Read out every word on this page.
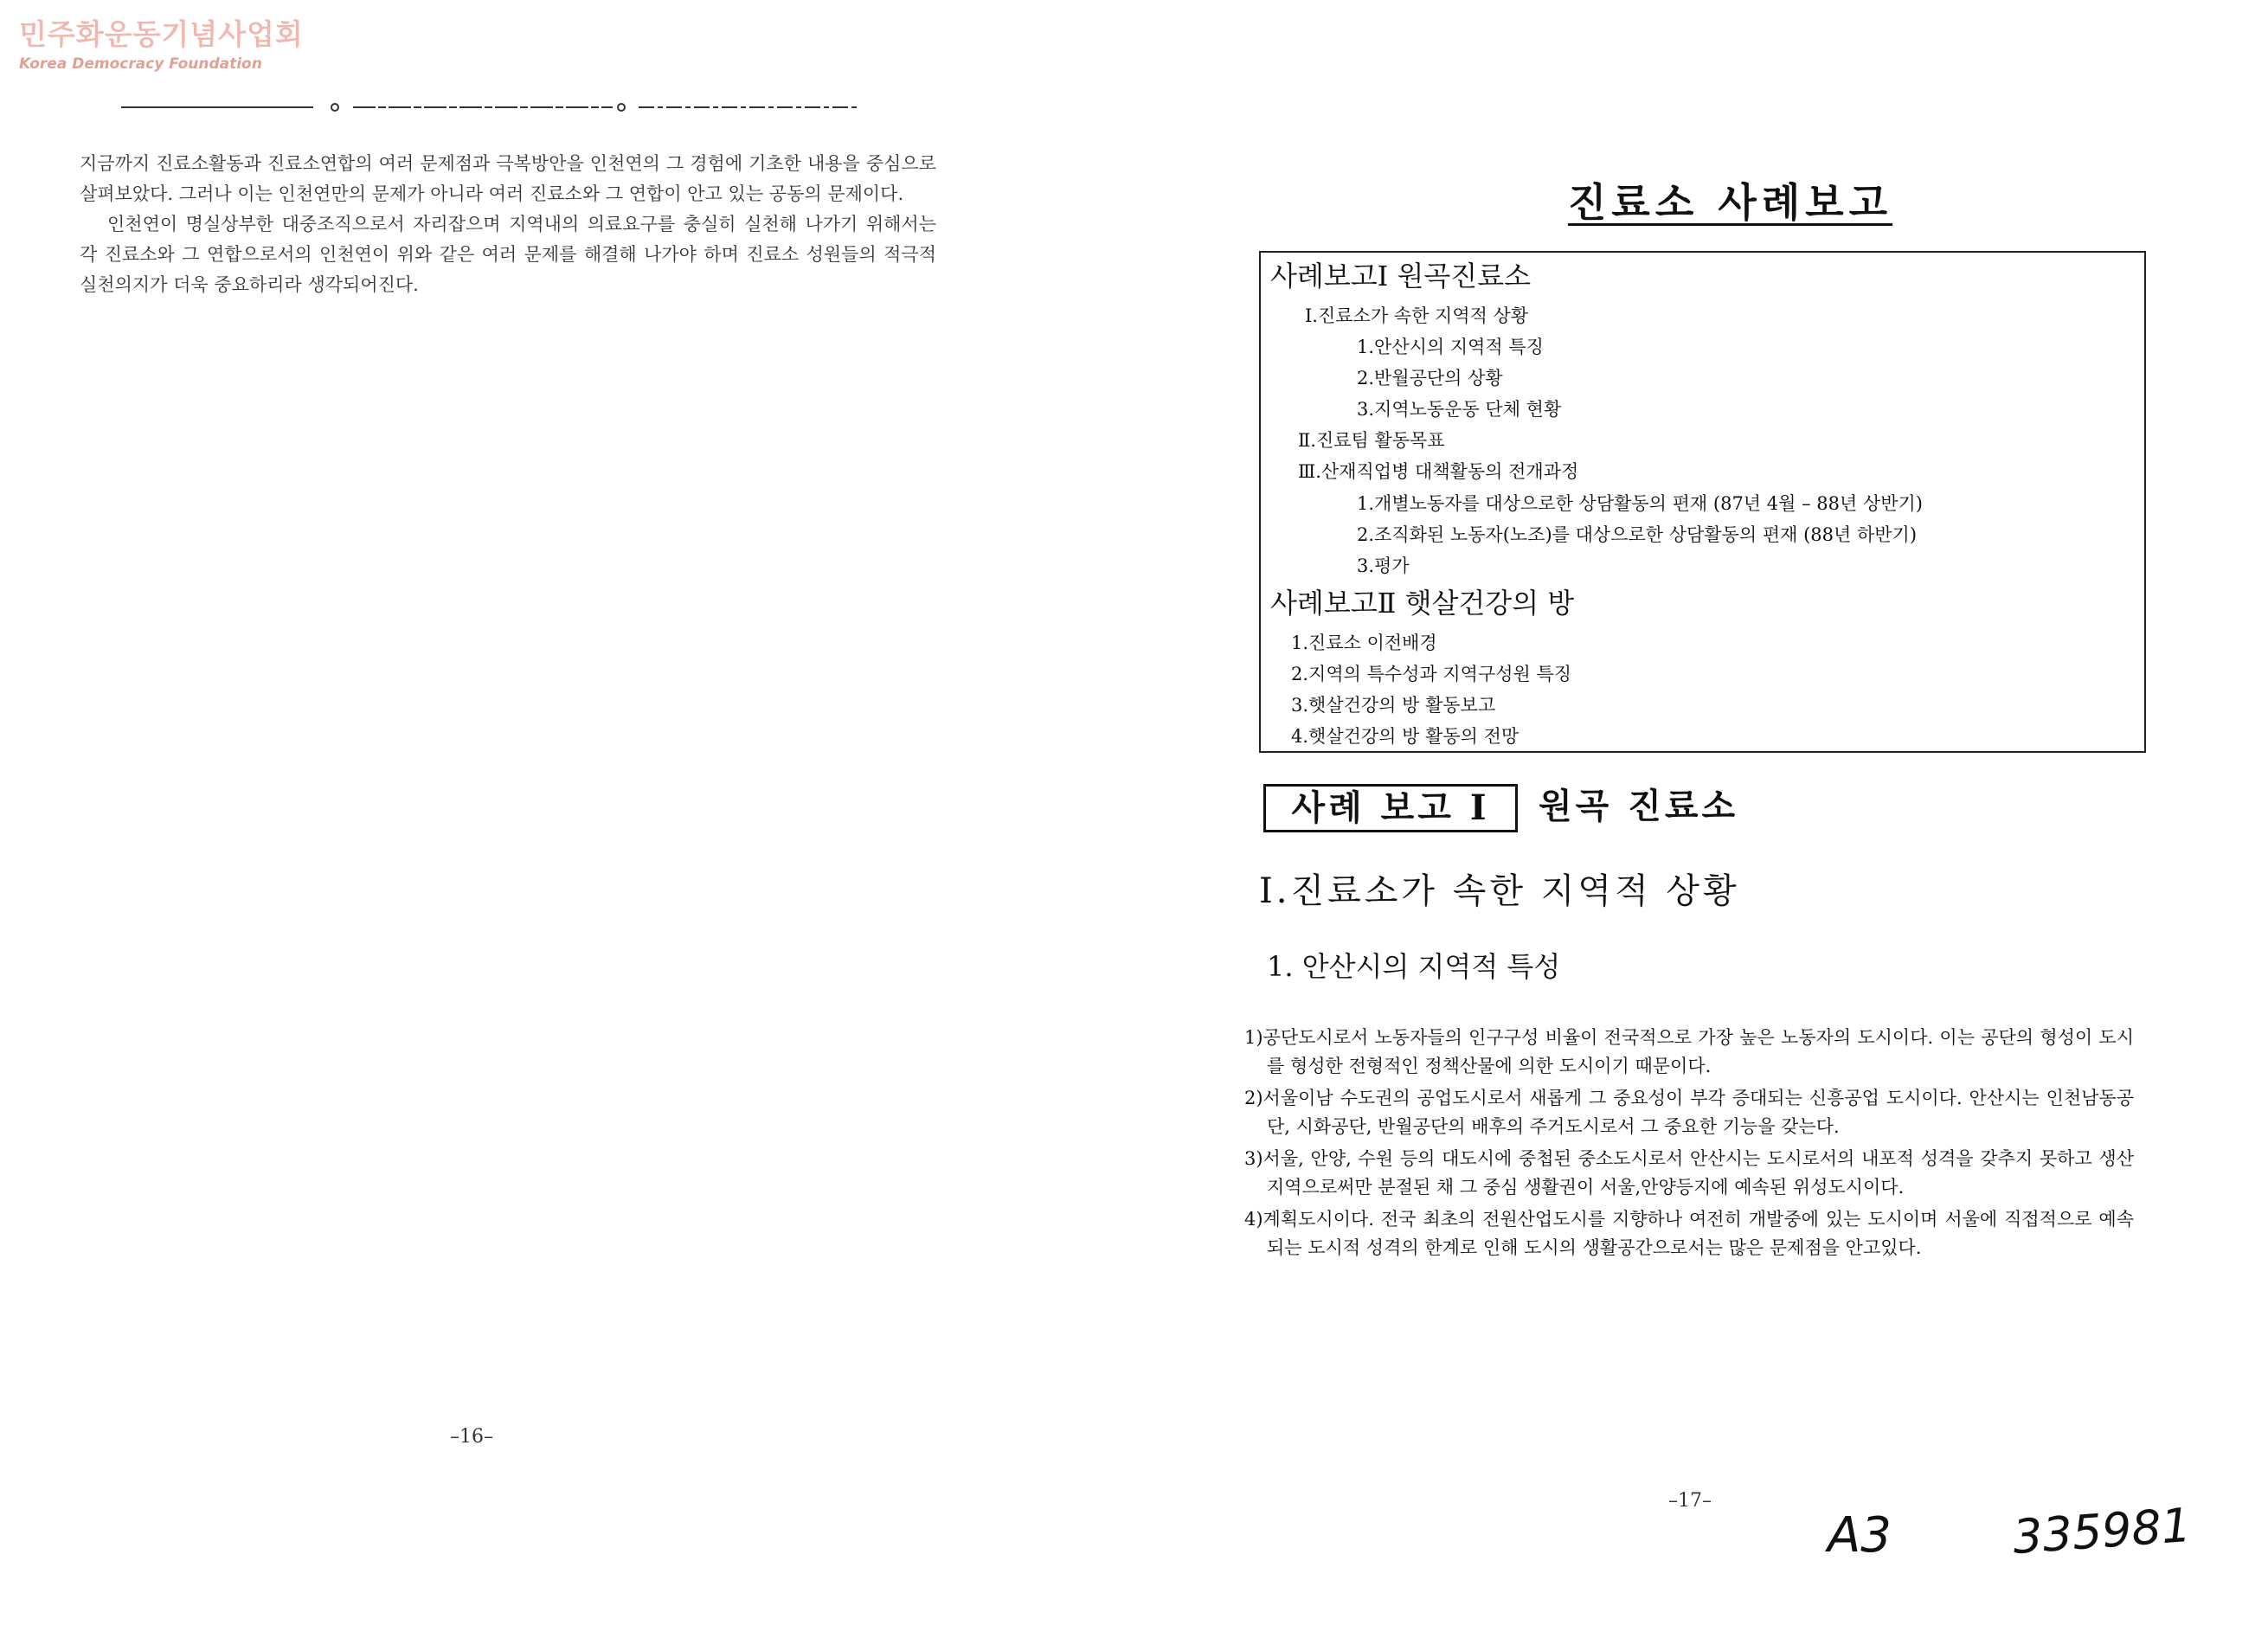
민주화운동기념사업회
Korea Democracy Foundation

지금까지 진료소활동과 진료소연합의 여러 문제점과 극복방안을 인천연의 그 경험에 기초한 내용을 중심으로 살펴보았다. 그러나 이는 인천연만의 문제가 아니라 여러 진료소와 그 연합이 안고 있는 공동의 문제이다.

인천연이 명실상부한 대중조직으로서 자리잡으며 지역내의 의료요구를 충실히 실천해 나가기 위해서는 각 진료소와 그 연합으로서의 인천연이 위와 같은 여러 문제를 해결해 나가야 하며 진료소 성원들의 적극적 실천의지가 더욱 중요하리라 생각되어진다.

–16–
진료소 사례보고
사례보고Ⅰ 원곡진료소
Ⅰ.진료소가 속한 지역적 상황
1.안산시의 지역적 특징
2.반월공단의 상황
3.지역노동운동 단체 현황
Ⅱ.진료팀 활동목표
Ⅲ.산재직업병 대책활동의 전개과정
1.개별노동자를 대상으로한 상담활동의 편재 (87년 4월 – 88년 상반기)
2.조직화된 노동자(노조)를 대상으로한 상담활동의 편재 (88년 하반기)
3.평가
사례보고Ⅱ 햇살건강의 방
1.진료소 이전배경
2.지역의 특수성과 지역구성원 특징
3.햇살건강의 방 활동보고
4.햇살건강의 방 활동의 전망
사례 보고 Ⅰ	원곡 진료소
Ⅰ.진료소가 속한 지역적 상황
1. 안산시의 지역적 특성

1)공단도시로서 노동자들의 인구구성 비율이 전국적으로 가장 높은 노동자의 도시이다. 이는 공단의 형성이 도시를 형성한 전형적인 정책산물에 의한 도시이기 때문이다.

2)서울이남 수도권의 공업도시로서 새롭게 그 중요성이 부각 증대되는 신흥공업 도시이다. 안산시는 인천남동공단, 시화공단, 반월공단의 배후의 주거도시로서 그 중요한 기능을 갖는다.

3)서울, 안양, 수원 등의 대도시에 중첩된 중소도시로서 안산시는 도시로서의 내포적 성격을 갖추지 못하고 생산지역으로써만 분절된 채 그 중심 생활권이 서울,안양등지에 예속된 위성도시이다.

4)계획도시이다. 전국 최초의 전원산업도시를 지향하나 여전히 개발중에 있는 도시이며 서울에 직접적으로 예속되는 도시적 성격의 한계로 인해 도시의 생활공간으로서는 많은 문제점을 안고있다.

–17–
A3	335981
